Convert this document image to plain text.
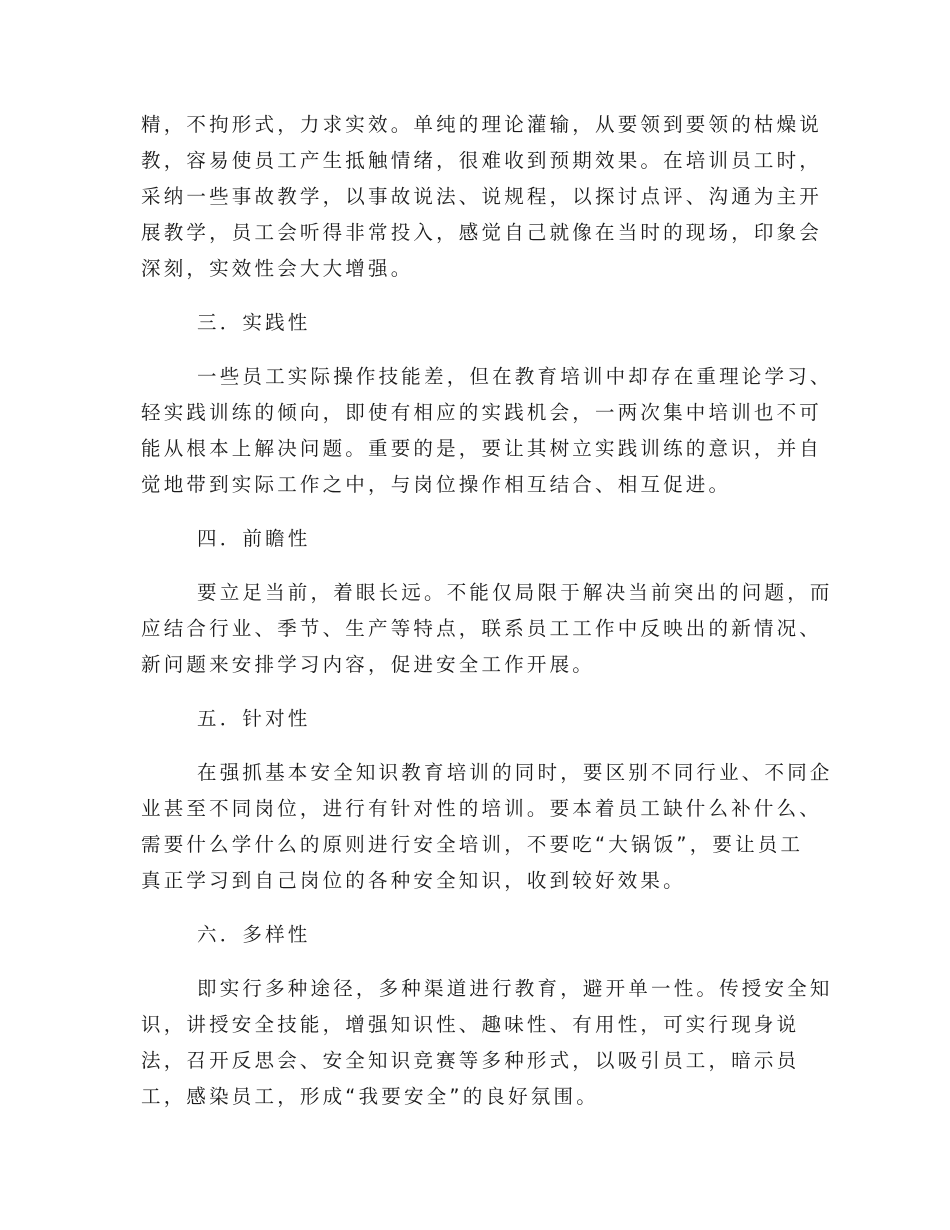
精，不拘形式，力求实效。单纯的理论灌输，从要领到要领的枯燥说
教，容易使员工产生抵触情绪，很难收到预期效果。在培训员工时，
采纳一些事故教学，以事故说法、说规程，以探讨点评、沟通为主开
展教学，员工会听得非常投入，感觉自己就像在当时的现场，印象会
深刻，实效性会大大增强。
三．实践性
一些员工实际操作技能差，但在教育培训中却存在重理论学习、
轻实践训练的倾向，即使有相应的实践机会，一两次集中培训也不可
能从根本上解决问题。重要的是，要让其树立实践训练的意识，并自
觉地带到实际工作之中，与岗位操作相互结合、相互促进。
四．前瞻性
要立足当前，着眼长远。不能仅局限于解决当前突出的问题，而
应结合行业、季节、生产等特点，联系员工工作中反映出的新情况、
新问题来安排学习内容，促进安全工作开展。
五．针对性
在强抓基本安全知识教育培训的同时，要区别不同行业、不同企
业甚至不同岗位，进行有针对性的培训。要本着员工缺什么补什么、
需要什么学什么的原则进行安全培训，不要吃“大锅饭”，要让员工
真正学习到自己岗位的各种安全知识，收到较好效果。
六．多样性
即实行多种途径，多种渠道进行教育，避开单一性。传授安全知
识，讲授安全技能，增强知识性、趣味性、有用性，可实行现身说
法，召开反思会、安全知识竞赛等多种形式，以吸引员工，暗示员
工，感染员工，形成“我要安全”的良好氛围。
